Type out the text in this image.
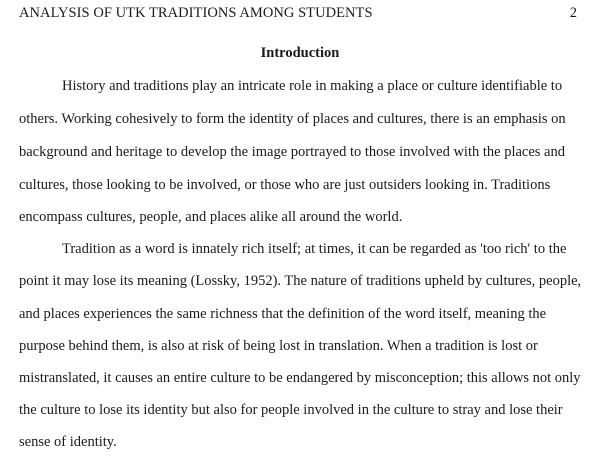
ANALYSIS OF UTK TRADITIONS AMONG STUDENTS	2
Introduction
History and traditions play an intricate role in making a place or culture identifiable to
others. Working cohesively to form the identity of places and cultures, there is an emphasis on
background and heritage to develop the image portrayed to those involved with the places and
cultures, those looking to be involved, or those who are just outsiders looking in. Traditions
encompass cultures, people, and places alike all around the world.
Tradition as a word is innately rich itself; at times, it can be regarded as 'too rich' to the
point it may lose its meaning (Lossky, 1952). The nature of traditions upheld by cultures, people,
and places experiences the same richness that the definition of the word itself, meaning the
purpose behind them, is also at risk of being lost in translation. When a tradition is lost or
mistranslated, it causes an entire culture to be endangered by misconception; this allows not only
the culture to lose its identity but also for people involved in the culture to stray and lose their
sense of identity.
